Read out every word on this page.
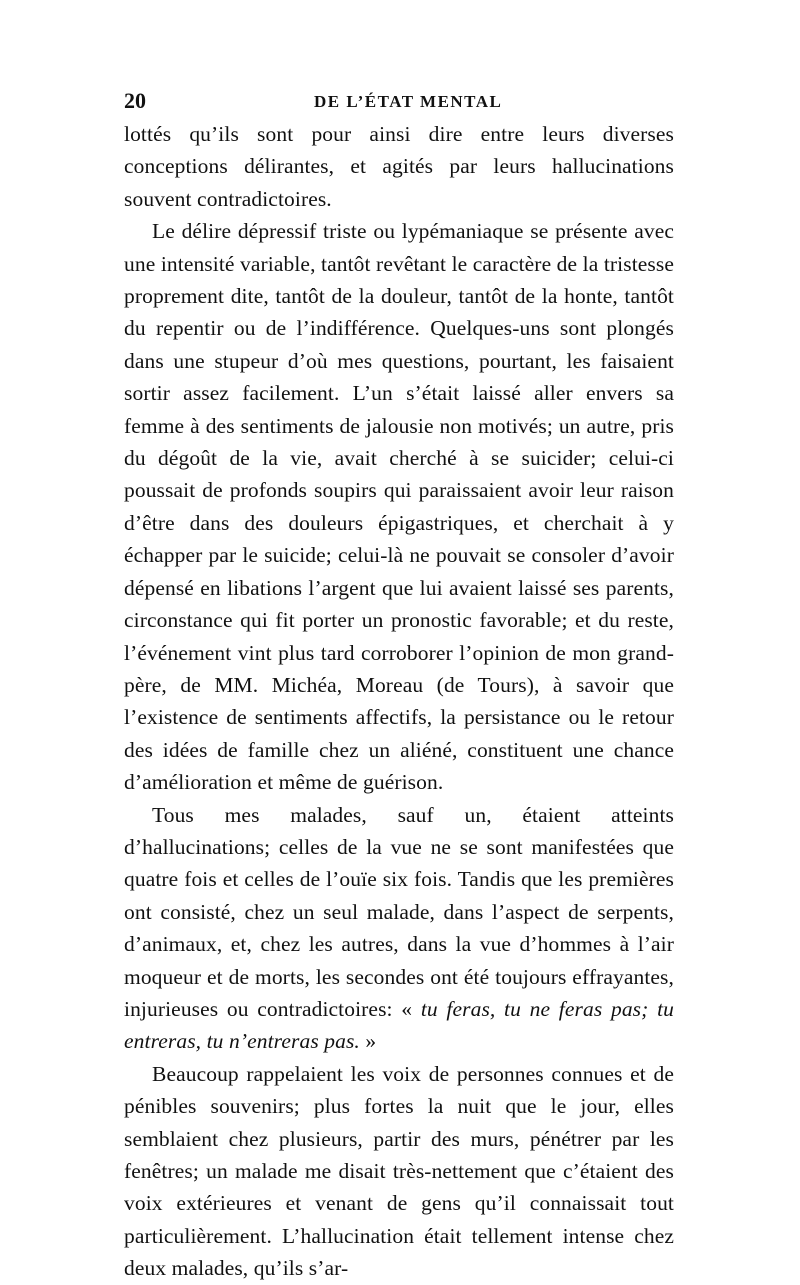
20	DE L’ÉTAT MENTAL

lottés qu’ils sont pour ainsi dire entre leurs diverses conceptions délirantes, et agités par leurs hallucinations souvent contradictoires.

Le délire dépressif triste ou lypémaniaque se présente avec une intensité variable, tantôt revêtant le caractère de la tristesse proprement dite, tantôt de la douleur, tantôt de la honte, tantôt du repentir ou de l’indifférence. Quelques-uns sont plongés dans une stupeur d’où mes questions, pourtant, les faisaient sortir assez facilement. L’un s’était laissé aller envers sa femme à des sentiments de jalousie non motivés; un autre, pris du dégoût de la vie, avait cherché à se suicider; celui-ci poussait de profonds soupirs qui paraissaient avoir leur raison d’être dans des douleurs épigastriques, et cherchait à y échapper par le suicide; celui-là ne pouvait se consoler d’avoir dépensé en libations l’argent que lui avaient laissé ses parents, circonstance qui fit porter un pronostic favorable; et du reste, l’événement vint plus tard corroborer l’opinion de mon grand-père, de MM. Michéa, Moreau (de Tours), à savoir que l’existence de sentiments affectifs, la persistance ou le retour des idées de famille chez un aliéné, constituent une chance d’amélioration et même de guérison.

Tous mes malades, sauf un, étaient atteints d’hallucinations; celles de la vue ne se sont manifestées que quatre fois et celles de l’ouïe six fois. Tandis que les premières ont consisté, chez un seul malade, dans l’aspect de serpents, d’animaux, et, chez les autres, dans la vue d’hommes à l’air moqueur et de morts, les secondes ont été toujours effrayantes, injurieuses ou contradictoires: « tu feras, tu ne feras pas; tu entreras, tu n’entreras pas. »

Beaucoup rappelaient les voix de personnes connues et de pénibles souvenirs; plus fortes la nuit que le jour, elles semblaient chez plusieurs, partir des murs, pénétrer par les fenêtres; un malade me disait très-nettement que c’étaient des voix extérieures et venant de gens qu’il connaissait tout particulièrement. L’hallucination était tellement intense chez deux malades, qu’ils s’ar-
